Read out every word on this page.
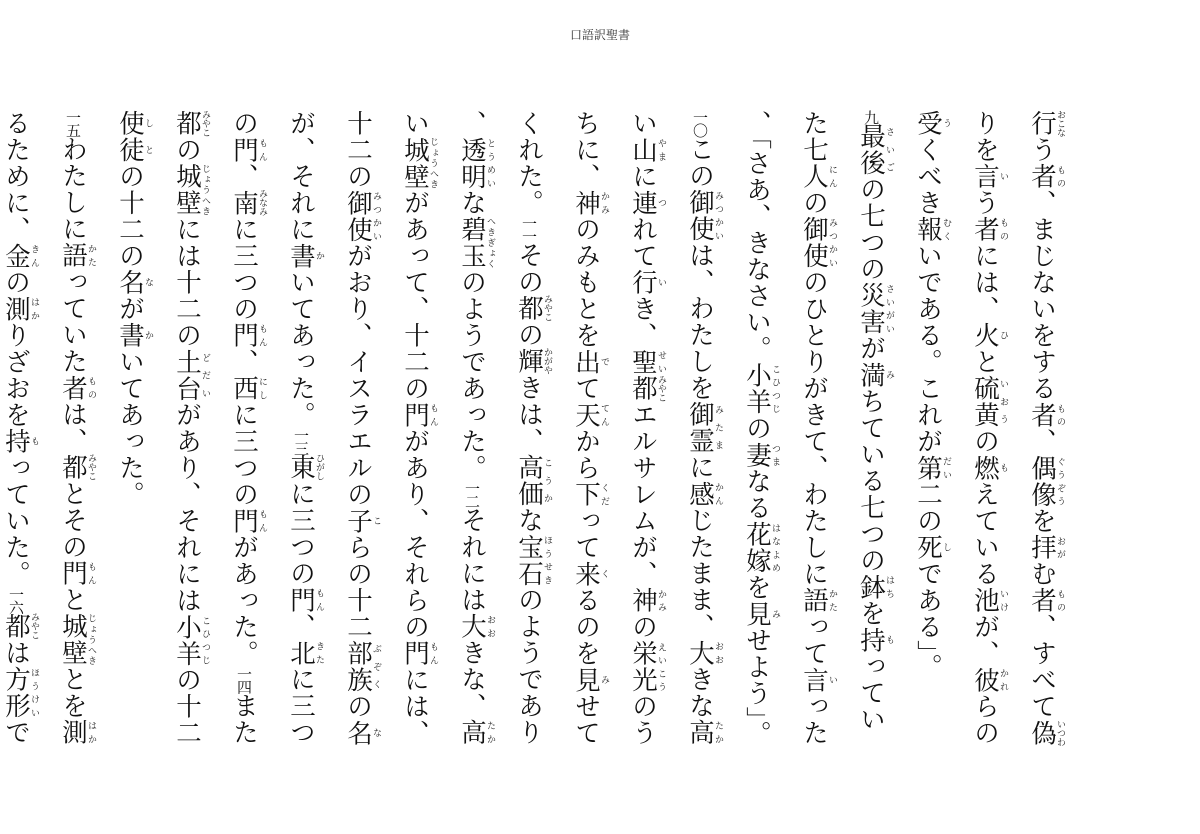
口語訳聖書
行おこなう者もの、まじないをする者もの、偶像ぐうぞうを拝おがむ者もの、すべて偽いつわりを言いう者ものには、火ひと硫黄いおうの燃もえている池いけが、彼かれらの受うくべき報むくいである。これが第だい二の死しである」。
九最後さいごの七つの災害さいがいが満みちている七つの鉢はちを持もっていた七人にんの御使みつかいのひとりがきて、わたしに語かたって言いった、「さあ、きなさい。小羊こひつじの妻つまなる花嫁はなよめを見みせよう」。一〇この御使みつかいは、わたしを御霊みたまに感かんじたまま、大おおきな高たかい山やまに連つれて行いき、聖せい都みやこエルサレムが、神かみの栄光えいこうのうちに、神かみのみもとを出でて天てんから下くだって来くるのを見みせてくれた。一一その都みやこの輝かがやきは、高価こうかな宝石ほうせきのようであり、透明とうめいな碧玉へきぎょくのようであった。一二それには大おおきな、高たかい城壁じょうへきがあって、十二の門もんがあり、それらの門もんには、十二の御使みつかいがおり、イスラエルの子こらの十二部族ぶぞくの名なが、それに書かいてあった。一三東ひがしに三つの門もん、北きたに三つの門もん、南みなみに三つの門もん、西にしに三つの門もんがあった。一四また都みやこの城壁じょうへきには十二の土台どだいがあり、それには小羊こひつじの十二使徒しとの十二の名なが書かいてあった。
一五わたしに語かたっていた者ものは、都みやことその門もんと城壁じょうへきとを測はかるために、金きんの測はかりざおを持もっていた。一六都みやこは方形ほうけいで
